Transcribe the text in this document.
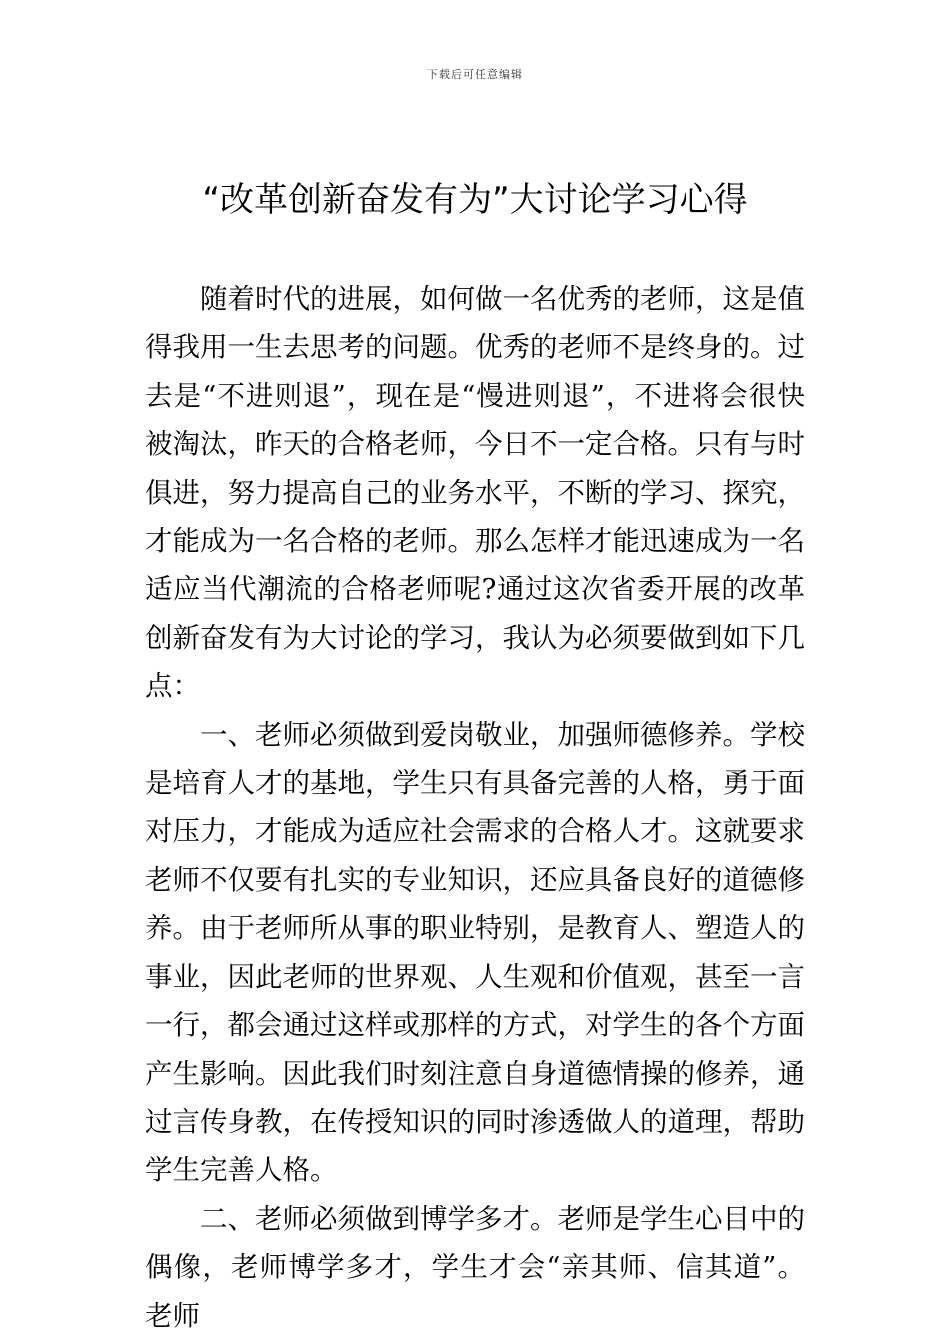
下载后可任意编辑
“改革创新奋发有为”大讨论学习心得

随着时代的进展，如何做一名优秀的老师，这是值得我用一生去思考的问题。优秀的老师不是终身的。过去是“不进则退”，现在是“慢进则退”，不进将会很快被淘汰，昨天的合格老师，今日不一定合格。只有与时俱进，努力提高自己的业务水平，不断的学习、探究，才能成为一名合格的老师。那么怎样才能迅速成为一名适应当代潮流的合格老师呢?通过这次省委开展的改革创新奋发有为大讨论的学习，我认为必须要做到如下几点：

一、老师必须做到爱岗敬业，加强师德修养。学校是培育人才的基地，学生只有具备完善的人格，勇于面对压力，才能成为适应社会需求的合格人才。这就要求老师不仅要有扎实的专业知识，还应具备良好的道德修养。由于老师所从事的职业特别，是教育人、塑造人的事业，因此老师的世界观、人生观和价值观，甚至一言一行，都会通过这样或那样的方式，对学生的各个方面产生影响。因此我们时刻注意自身道德情操的修养，通过言传身教，在传授知识的同时渗透做人的道理，帮助学生完善人格。

二、老师必须做到博学多才。老师是学生心目中的偶像，老师博学多才，学生才会“亲其师、信其道”。老师
